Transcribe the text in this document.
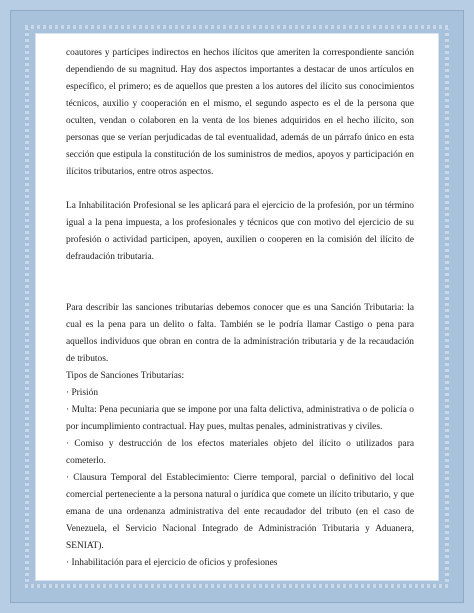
coautores y partícipes indirectos en hechos ilícitos que ameriten la correspondiente sanción dependiendo de su magnitud. Hay dos aspectos importantes a destacar de unos artículos en específico, el primero; es de aquellos que presten a los autores del ilícito sus conocimientos técnicos, auxilio y cooperación en el mismo, el segundo aspecto es el de la persona que oculten, vendan o colaboren en la venta de los bienes adquiridos en el hecho ilícito, son personas que se verían perjudicadas de tal eventualidad, además de un párrafo único en esta sección que estipula la constitución de los suministros de medios, apoyos y participación en ilícitos tributarios, entre otros aspectos.

La Inhabilitación Profesional se les aplicará para el ejercicio de la profesión, por un término igual a la pena impuesta, a los profesionales y técnicos que con motivo del ejercicio de su profesión o actividad participen, apoyen, auxilien o cooperen en la comisión del ilícito de defraudación tributaria.

Para describir las sanciones tributarias debemos conocer que es una Sanción Tributaria: la cual es la pena para un delito o falta. También se le podría llamar Castigo o pena para aquellos individuos que obran en contra de la administración tributaria y de la recaudación de tributos.

Tipos de Sanciones Tributarias:

· Prisión

· Multa: Pena pecuniaria que se impone por una falta delictiva, administrativa o de policía o por incumplimiento contractual. Hay pues, multas penales, administrativas y civiles.

· Comiso y destrucción de los efectos materiales objeto del ilícito o utilizados para cometerlo.

· Clausura Temporal del Establecimiento: Cierre temporal, parcial o definitivo del local comercial perteneciente a la persona natural o jurídica que comete un ilícito tributario, y que emana de una ordenanza administrativa del ente recaudador del tributo (en el caso de Venezuela, el Servicio Nacional Integrado de Administración Tributaria y Aduanera, SENIAT).

· Inhabilitación para el ejercicio de oficios y profesiones
